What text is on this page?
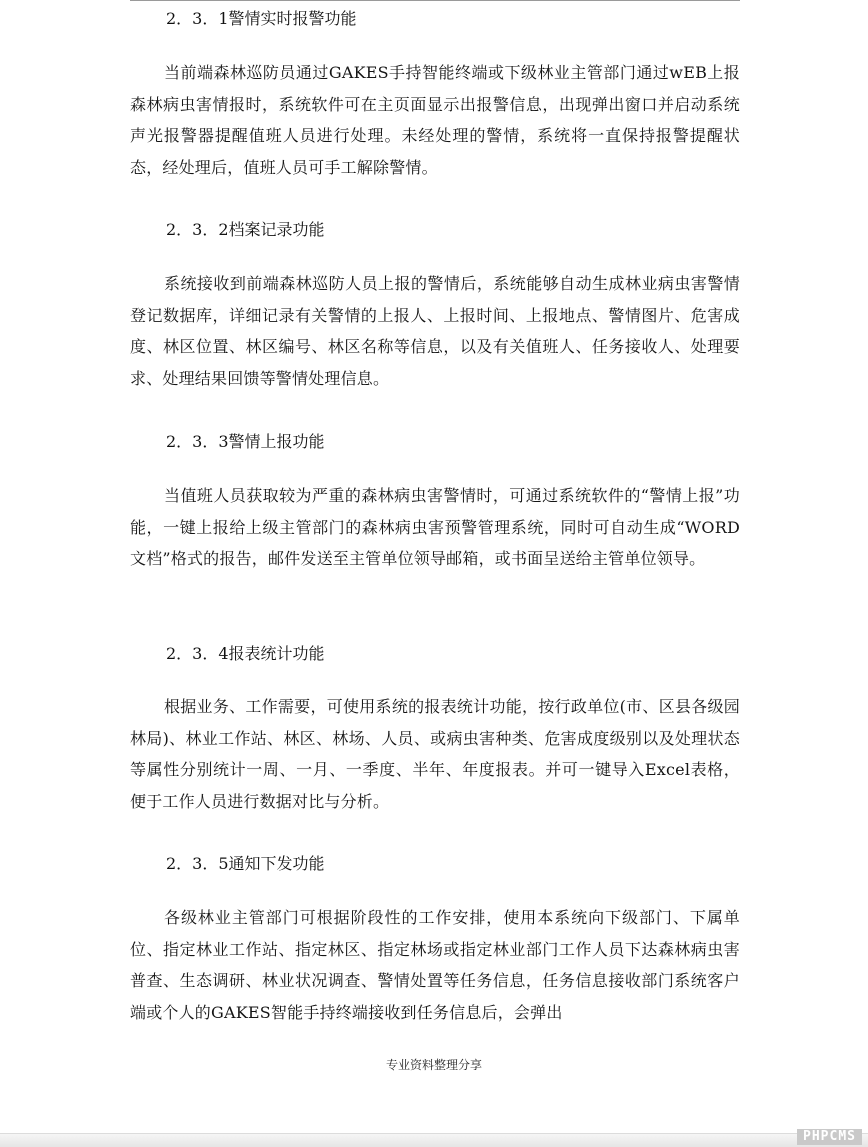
2．3．1警情实时报警功能
当前端森林巡防员通过GAKES手持智能终端或下级林业主管部门通过wEB上报森林病虫害情报时，系统软件可在主页面显示出报警信息，出现弹出窗口并启动系统声光报警器提醒值班人员进行处理。未经处理的警情，系统将一直保持报警提醒状态，经处理后，值班人员可手工解除警情。
2．3．2档案记录功能
系统接收到前端森林巡防人员上报的警情后，系统能够自动生成林业病虫害警情登记数据库，详细记录有关警情的上报人、上报时间、上报地点、警情图片、危害成度、林区位置、林区编号、林区名称等信息，以及有关值班人、任务接收人、处理要求、处理结果回馈等警情处理信息。
2．3．3警情上报功能
当值班人员获取较为严重的森林病虫害警情时，可通过系统软件的“警情上报”功能，一键上报给上级主管部门的森林病虫害预警管理系统，同时可自动生成“WORD文档”格式的报告，邮件发送至主管单位领导邮箱，或书面呈送给主管单位领导。
2．3．4报表统计功能
根据业务、工作需要，可使用系统的报表统计功能，按行政单位(市、区县各级园林局)、林业工作站、林区、林场、人员、或病虫害种类、危害成度级别以及处理状态等属性分别统计一周、一月、一季度、半年、年度报表。并可一键导入Excel表格，便于工作人员进行数据对比与分析。
2．3．5通知下发功能
各级林业主管部门可根据阶段性的工作安排，使用本系统向下级部门、下属单位、指定林业工作站、指定林区、指定林场或指定林业部门工作人员下达森林病虫害普查、生态调研、林业状况调查、警情处置等任务信息，任务信息接收部门系统客户端或个人的GAKES智能手持终端接收到任务信息后，会弹出
专业资料整理分享
PHPCMS
